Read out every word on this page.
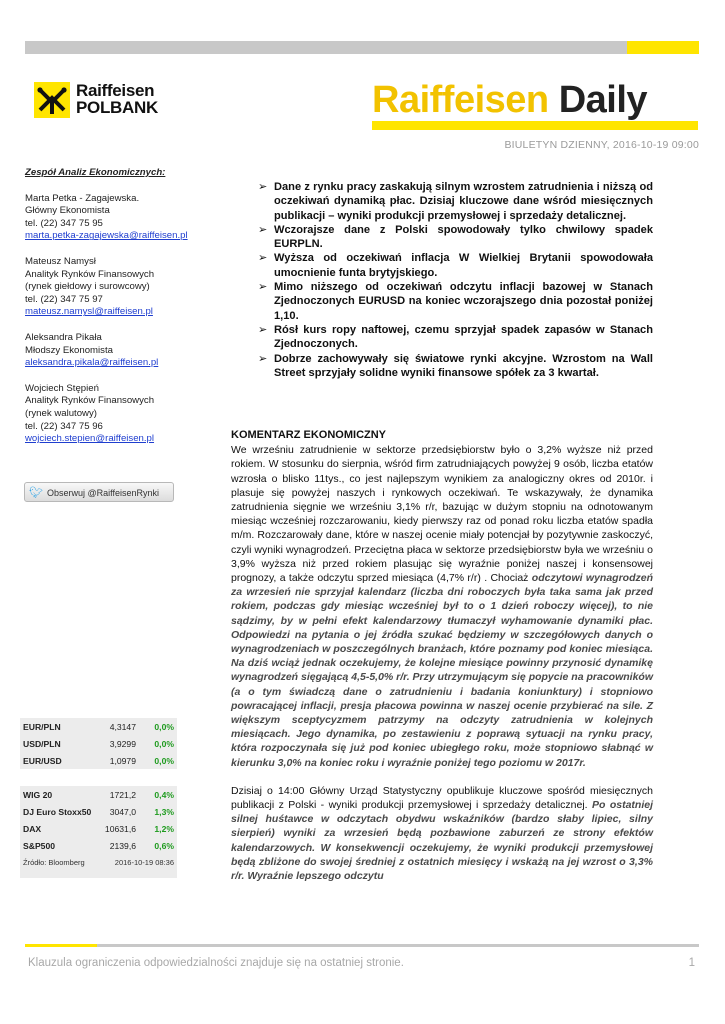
Raiffeisen
POLBANK	Raiffeisen Daily
BIULETYN DZIENNY, 2016-10-19 09:00
Zespół Analiz Ekonomicznych:
Marta Petka - Zagajewska.
Główny Ekonomista
tel. (22) 347 75 95
marta.petka-zagajewska@raiffeisen.pl
Mateusz Namysł
Analityk Rynków Finansowych
(rynek giełdowy i surowcowy)
tel. (22) 347 75 97
mateusz.namysl@raiffeisen.pl
Aleksandra Pikała
Młodszy Ekonomista
aleksandra.pikala@raiffeisen.pl
Wojciech Stępień
Analityk Rynków Finansowych
(rynek walutowy)
tel. (22) 347 75 96
wojciech.stepien@raiffeisen.pl
🐦︎ Obserwuj @RaiffeisenRynki
EUR/PLN	4,3147	0,0%
USD/PLN	3,9299	0,0%
EUR/USD	1,0979	0,0%

WIG 20	1721,2	0,4%
DJ Euro Stoxx50	3047,0	1,3%
DAX	10631,6	1,2%
S&P500	2139,6	0,6%
Źródło: Bloomberg	2016-10-19 08:36	
➢ Dane z rynku pracy zaskakują silnym wzrostem zatrudnienia i niższą od oczekiwań dynamiką płac. Dzisiaj kluczowe dane wśród miesięcznych publikacji – wyniki produkcji przemysłowej i sprzedaży detalicznej.
➢ Wczorajsze dane z Polski spowodowały tylko chwilowy spadek EURPLN.
➢ Wyższa od oczekiwań inflacja W Wielkiej Brytanii spowodowała umocnienie funta brytyjskiego.
➢ Mimo niższego od oczekiwań odczytu inflacji bazowej w Stanach Zjednoczonych EURUSD na koniec wczorajszego dnia pozostał poniżej 1,10.
➢ Rósł kurs ropy naftowej, czemu sprzyjał spadek zapasów w Stanach Zjednoczonych.
➢ Dobrze zachowywały się światowe rynki akcyjne. Wzrostom na Wall Street sprzyjały solidne wyniki finansowe spółek za 3 kwartał.
KOMENTARZ EKONOMICZNY

We wrześniu zatrudnienie w sektorze przedsiębiorstw było o 3,2% wyższe niż przed rokiem. W stosunku do sierpnia, wśród firm zatrudniających powyżej 9 osób, liczba etatów wzrosła o blisko 11tys., co jest najlepszym wynikiem za analogiczny okres od 2010r. i plasuje się powyżej naszych i rynkowych oczekiwań. Te wskazywały, że dynamika zatrudnienia sięgnie we wrześniu 3,1% r/r, bazując w dużym stopniu na odnotowanym miesiąc wcześniej rozczarowaniu, kiedy pierwszy raz od ponad roku liczba etatów spadła m/m. Rozczarowały dane, które w naszej ocenie miały potencjał by pozytywnie zaskoczyć, czyli wyniki wynagrodzeń. Przeciętna płaca w sektorze przedsiębiorstw była we wrześniu o 3,9% wyższa niż przed rokiem plasując się wyraźnie poniżej naszej i konsensowej prognozy, a także odczytu sprzed miesiąca (4,7% r/r) . Chociaż odczytowi wynagrodzeń za wrzesień nie sprzyjał kalendarz (liczba dni roboczych była taka sama jak przed rokiem, podczas gdy miesiąc wcześniej był to o 1 dzień roboczy więcej), to nie sądzimy, by w pełni efekt kalendarzowy tłumaczył wyhamowanie dynamiki płac. Odpowiedzi na pytania o jej źródła szukać będziemy w szczegółowych danych o wynagrodzeniach w poszczególnych branżach, które poznamy pod koniec miesiąca. Na dziś wciąż jednak oczekujemy, że kolejne miesiące powinny przynosić dynamikę wynagrodzeń sięgającą 4,5-5,0% r/r. Przy utrzymującym się popycie na pracowników (a o tym świadczą dane o zatrudnieniu i badania koniunktury) i stopniowo powracającej inflacji, presja płacowa powinna w naszej ocenie przybierać na sile. Z większym sceptycyzmem patrzymy na odczyty zatrudnienia w kolejnych miesiącach. Jego dynamika, po zestawieniu z poprawą sytuacji na rynku pracy, która rozpoczynała się już pod koniec ubiegłego roku, może stopniowo słabnąć w kierunku 3,0% na koniec roku i wyraźnie poniżej tego poziomu w 2017r.

Dzisiaj o 14:00 Główny Urząd Statystyczny opublikuje kluczowe spośród miesięcznych publikacji z Polski - wyniki produkcji przemysłowej i sprzedaży detalicznej. Po ostatniej silnej huśtawce w odczytach obydwu wskaźników (bardzo słaby lipiec, silny sierpień) wyniki za wrzesień będą pozbawione zaburzeń ze strony efektów kalendarzowych. W konsekwencji oczekujemy, że wyniki produkcji przemysłowej będą zbliżone do swojej średniej z ostatnich miesięcy i wskażą na jej wzrost o 3,3% r/r. Wyraźnie lepszego odczytu

Klauzula ograniczenia odpowiedzialności znajduje się na ostatniej stronie.	1
